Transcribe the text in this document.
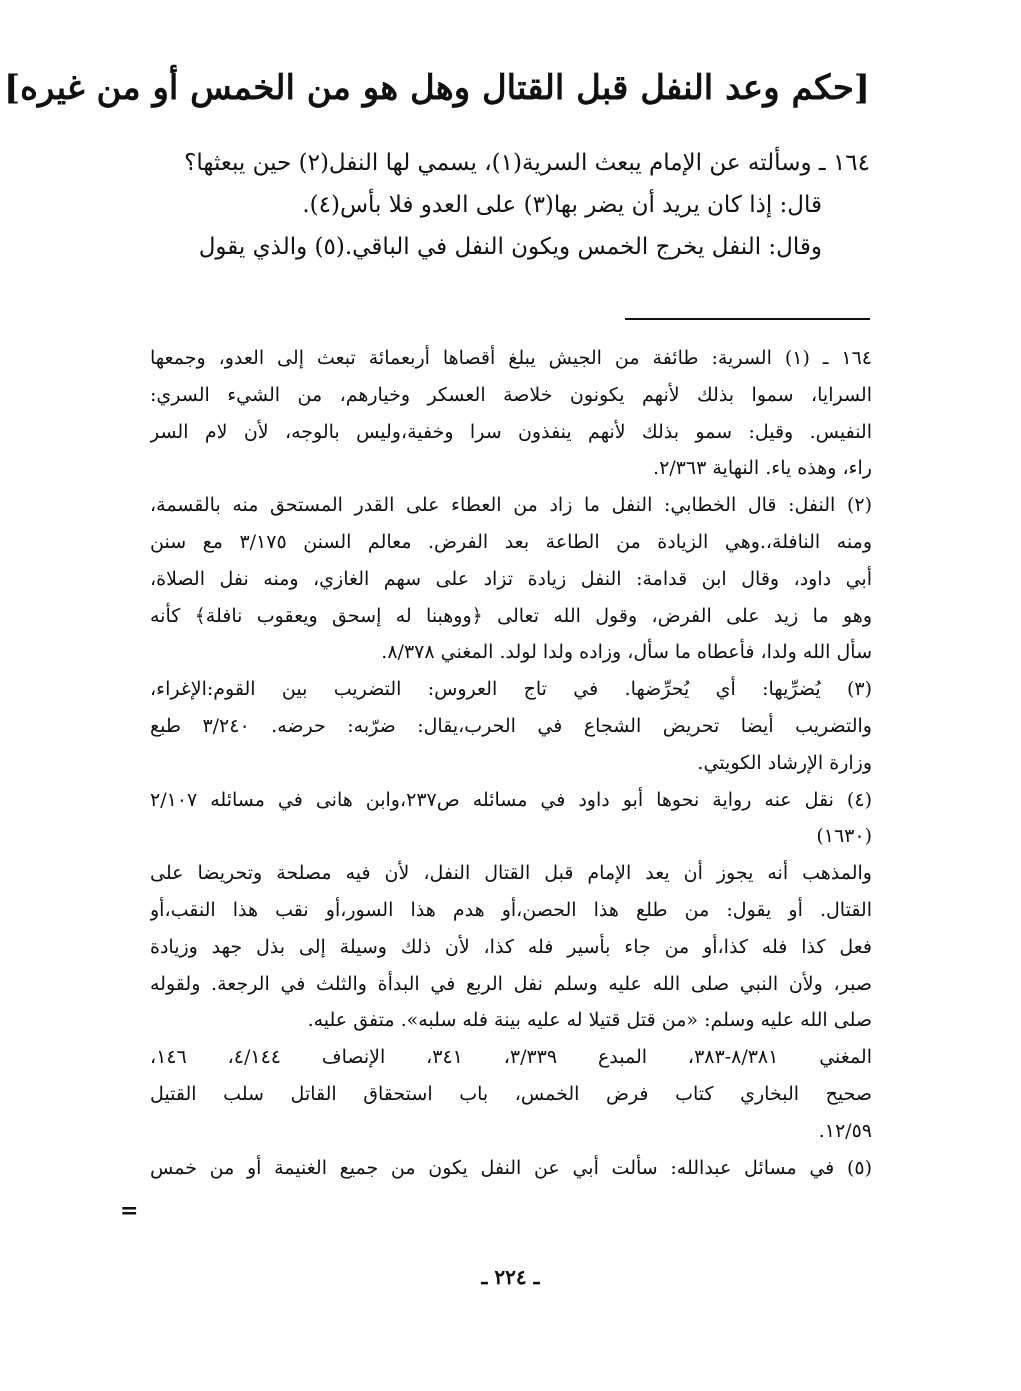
[حكم وعد النفل قبل القتال وهل هو من الخمس أو من غيره]
١٦٤ ـ وسألته عن الإمام يبعث السرية(١)، يسمي لها النفل(٢) حين يبعثها؟
قال: إذا كان يريد أن يضر بها(٣) على العدو فلا بأس(٤).
وقال: النفل يخرج الخمس ويكون النفل في الباقي.(٥) والذي يقول
١٦٤ ـ (١) السرية: طائفة من الجيش يبلغ أقصاها أربعمائة تبعث إلى العدو، وجمعها
السرايا، سموا بذلك لأنهم يكونون خلاصة العسكر وخيارهم، من الشيء السري:
النفيس. وقيل: سمو بذلك لأنهم ينفذون سرا وخفية،وليس بالوجه، لأن لام السر
راء، وهذه ياء. النهاية ٢/٣٦٣.
(٢) النفل: قال الخطابي: النفل ما زاد من العطاء على القدر المستحق منه بالقسمة،
ومنه النافلة،.وهي الزيادة من الطاعة بعد الفرض. معالم السنن ٣/١٧٥ مع سنن
أبي داود، وقال ابن قدامة: النفل زيادة تزاد على سهم الغازي، ومنه نفل الصلاة،
وهو ما زيد على الفرض، وقول الله تعالى ﴿ووهبنا له إسحق ويعقوب نافلة﴾ كأنه
سأل الله ولدا، فأعطاه ما سأل، وزاده ولدا لولد. المغني ٨/٣٧٨.
(٣) يُضرِّيها: أي يُحرِّضها. في تاج العروس: التضريب بين القوم:الإغراء،
والتضريب أيضا تحريض الشجاع في الحرب،يقال: ضرّبه: حرضه. ٣/٢٤٠ طبع
وزارة الإرشاد الكويتي.
(٤) نقل عنه رواية نحوها أبو داود في مسائله ص٢٣٧،وابن هانى في مسائله ٢/١٠٧
(١٦٣٠)
والمذهب أنه يجوز أن يعد الإمام قبل القتال النفل، لأن فيه مصلحة وتحريضا على
القتال. أو يقول: من طلع هذا الحصن،أو هدم هذا السور،أو نقب هذا النقب،أو
فعل كذا فله كذا،أو من جاء بأسير فله كذا، لأن ذلك وسيلة إلى بذل جهد وزيادة
صبر، ولأن النبي صلى الله عليه وسلم نفل الربع في البدأة والثلث في الرجعة. ولقوله
صلى الله عليه وسلم: «من قتل قتيلا له عليه بينة فله سلبه». متفق عليه.
المغني ٨/٣٨١-٣٨٣، المبدع ٣/٣٣٩، ٣٤١، الإنصاف ٤/١٤٤، ١٤٦،
صحيح البخاري كتاب فرض الخمس، باب استحقاق القاتل سلب القتيل
١٢/٥٩.
(٥) في مسائل عبدالله: سألت أبي عن النفل يكون من جميع الغنيمة أو من خمس
=
ـ ٢٢٤ ـ
